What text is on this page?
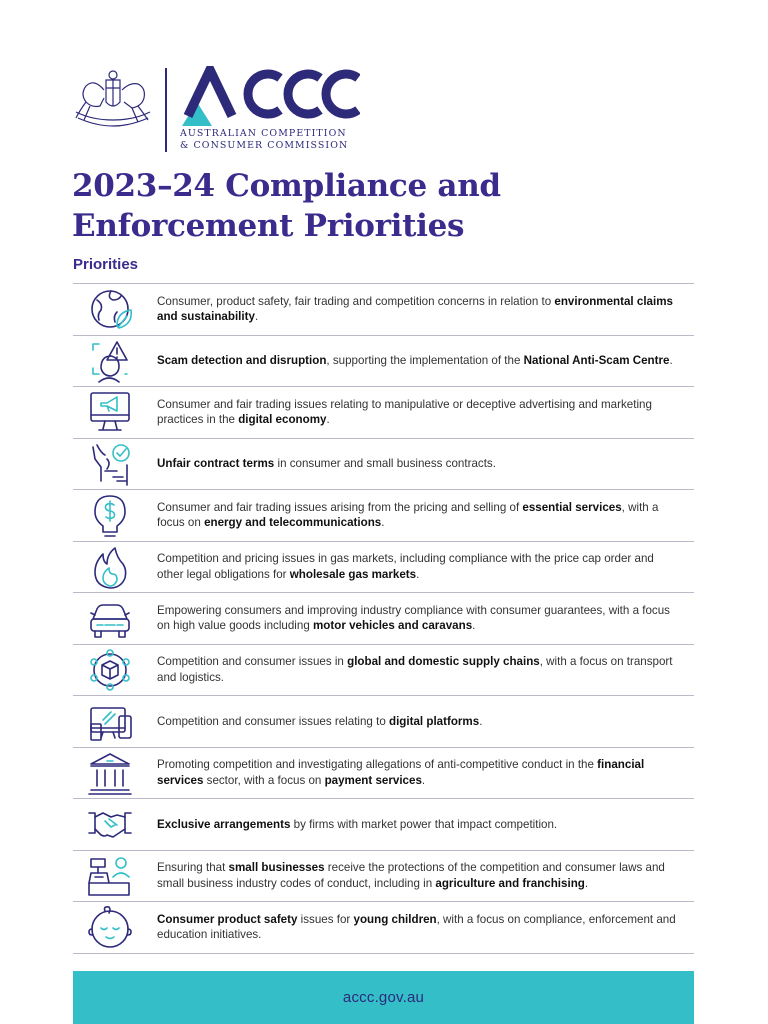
AUSTRALIAN COMPETITION
& CONSUMER COMMISSION
2023–24 Compliance and
Enforcement Priorities
Priorities
Consumer, product safety, fair trading and competition concerns in relation to environmental claims and sustainability.
Scam detection and disruption, supporting the implementation of the National Anti-Scam Centre.
Consumer and fair trading issues relating to manipulative or deceptive advertising and marketing practices in the digital economy.
Unfair contract terms in consumer and small business contracts.
Consumer and fair trading issues arising from the pricing and selling of essential services, with a focus on energy and telecommunications.
Competition and pricing issues in gas markets, including compliance with the price cap order and other legal obligations for wholesale gas markets.
Empowering consumers and improving industry compliance with consumer guarantees, with a focus on high value goods including motor vehicles and caravans.
Competition and consumer issues in global and domestic supply chains, with a focus on transport and logistics.
Competition and consumer issues relating to digital platforms.
Promoting competition and investigating allegations of anti-competitive conduct in the financial services sector, with a focus on payment services.
Exclusive arrangements by firms with market power that impact competition.
Ensuring that small businesses receive the protections of the competition and consumer laws and small business industry codes of conduct, including in agriculture and franchising.
Consumer product safety issues for young children, with a focus on compliance, enforcement and education initiatives.
accc.gov.au
